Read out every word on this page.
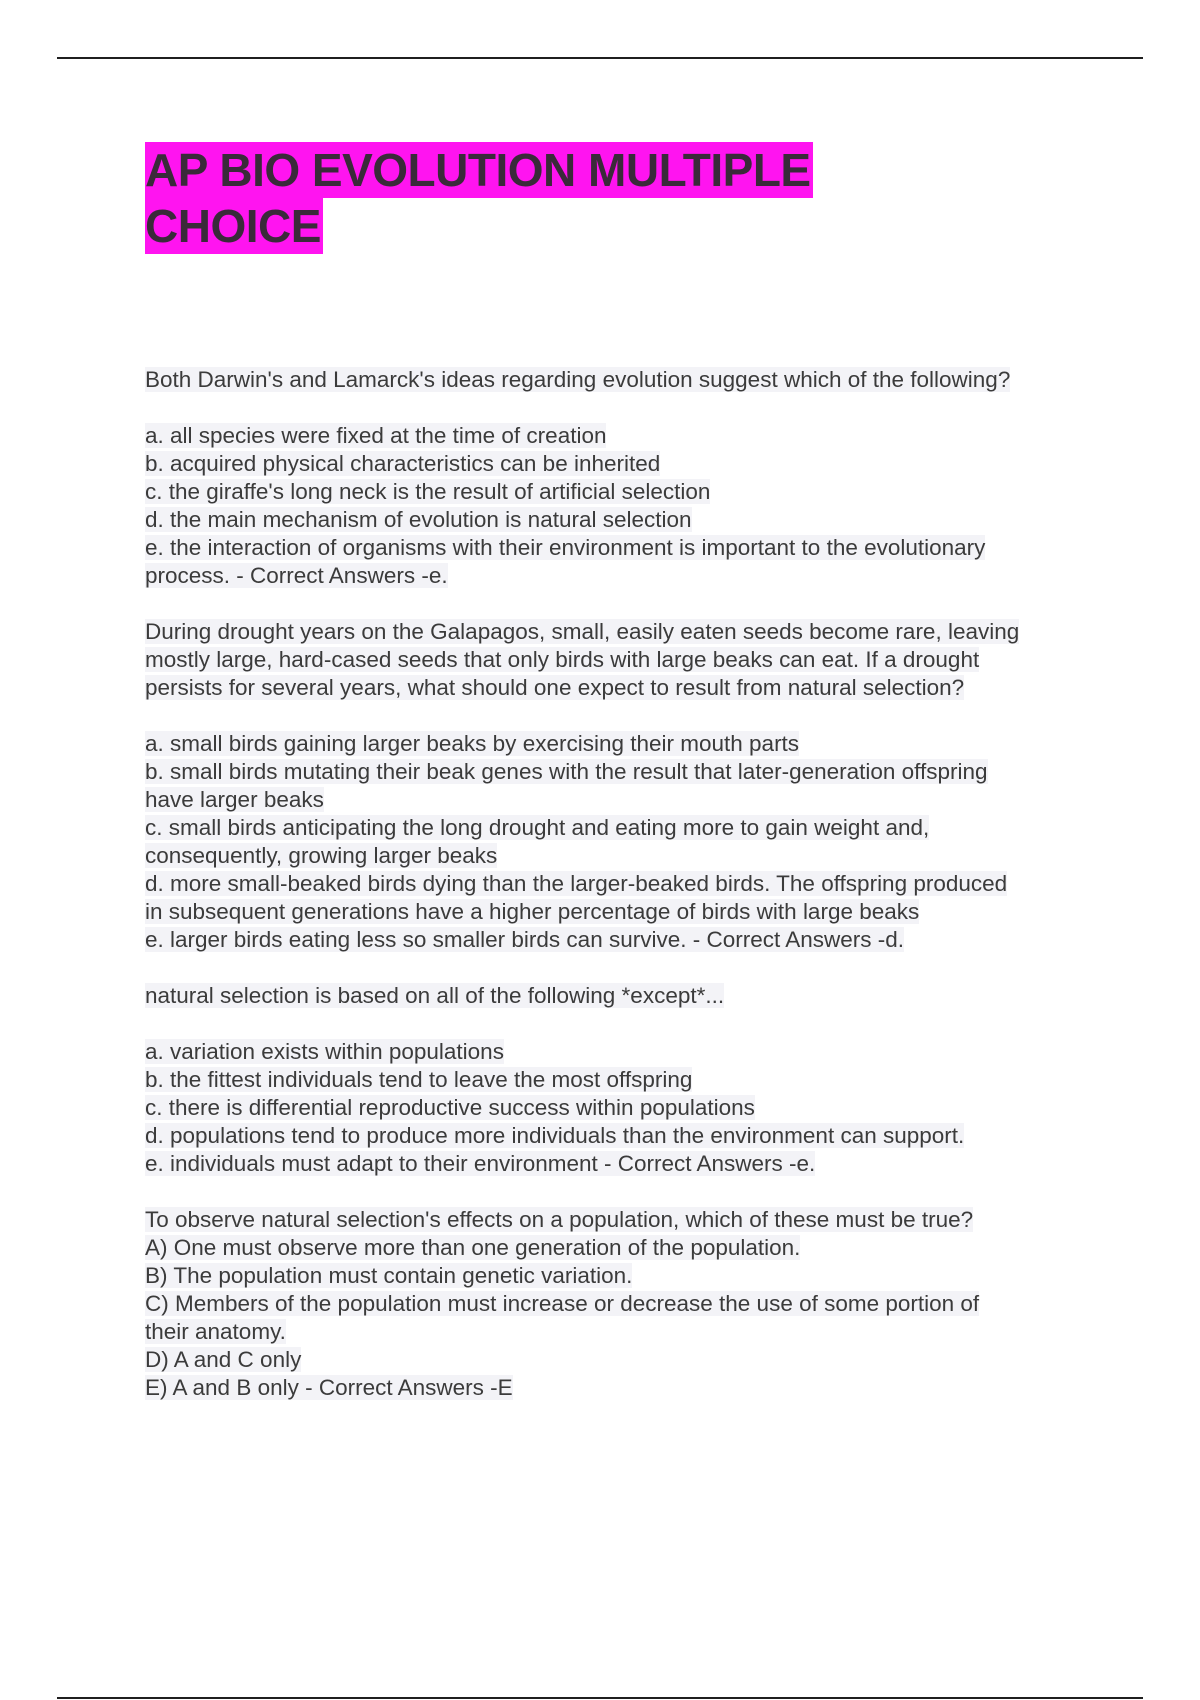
AP BIO EVOLUTION MULTIPLE
CHOICE
Both Darwin's and Lamarck's ideas regarding evolution suggest which of the following?
a. all species were fixed at the time of creation
b. acquired physical characteristics can be inherited
c. the giraffe's long neck is the result of artificial selection
d. the main mechanism of evolution is natural selection
e. the interaction of organisms with their environment is important to the evolutionary
process. - Correct Answers -e.
During drought years on the Galapagos, small, easily eaten seeds become rare, leaving
mostly large, hard-cased seeds that only birds with large beaks can eat. If a drought
persists for several years, what should one expect to result from natural selection?
a. small birds gaining larger beaks by exercising their mouth parts
b. small birds mutating their beak genes with the result that later-generation offspring
have larger beaks
c. small birds anticipating the long drought and eating more to gain weight and,
consequently, growing larger beaks
d. more small-beaked birds dying than the larger-beaked birds. The offspring produced
in subsequent generations have a higher percentage of birds with large beaks
e. larger birds eating less so smaller birds can survive. - Correct Answers -d.
natural selection is based on all of the following *except*...
a. variation exists within populations
b. the fittest individuals tend to leave the most offspring
c. there is differential reproductive success within populations
d. populations tend to produce more individuals than the environment can support.
e. individuals must adapt to their environment - Correct Answers -e.
To observe natural selection's effects on a population, which of these must be true?
A) One must observe more than one generation of the population.
B) The population must contain genetic variation.
C) Members of the population must increase or decrease the use of some portion of
their anatomy.
D) A and C only
E) A and B only - Correct Answers -E
